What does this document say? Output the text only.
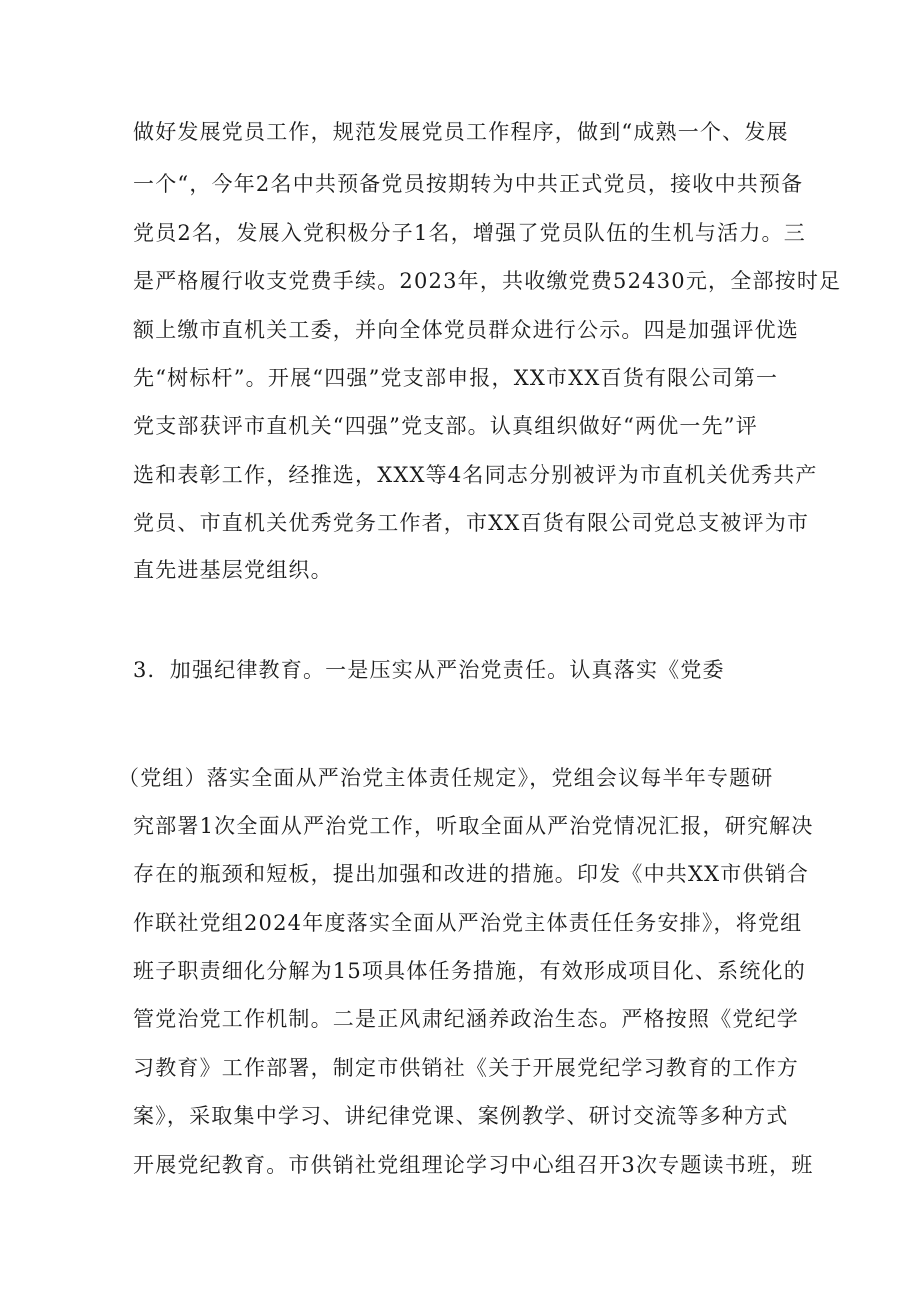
做好发展党员工作，规范发展党员工作程序，做到“成熟一个、发展
一个“，今年2名中共预备党员按期转为中共正式党员，接收中共预备
党员2名，发展入党积极分子1名，增强了党员队伍的生机与活力。三
是严格履行收支党费手续。2023年，共收缴党费52430元，全部按时足
额上缴市直机关工委，并向全体党员群众进行公示。四是加强评优选
先“树标杆”。开展“四强”党支部申报，XX市XX百货有限公司第一
党支部获评市直机关“四强”党支部。认真组织做好“两优一先”评
选和表彰工作，经推选，XXX等4名同志分别被评为市直机关优秀共产
党员、市直机关优秀党务工作者，市XX百货有限公司党总支被评为市
直先进基层党组织。
3．加强纪律教育。一是压实从严治党责任。认真落实《党委
（党组）落实全面从严治党主体责任规定》，党组会议每半年专题研
究部署1次全面从严治党工作，听取全面从严治党情况汇报，研究解决
存在的瓶颈和短板，提出加强和改进的措施。印发《中共XX市供销合
作联社党组2024年度落实全面从严治党主体责任任务安排》，将党组
班子职责细化分解为15项具体任务措施，有效形成项目化、系统化的
管党治党工作机制。二是正风肃纪涵养政治生态。严格按照《党纪学
习教育》工作部署，制定市供销社《关于开展党纪学习教育的工作方
案》，采取集中学习、讲纪律党课、案例教学、研讨交流等多种方式
开展党纪教育。市供销社党组理论学习中心组召开3次专题读书班，班
